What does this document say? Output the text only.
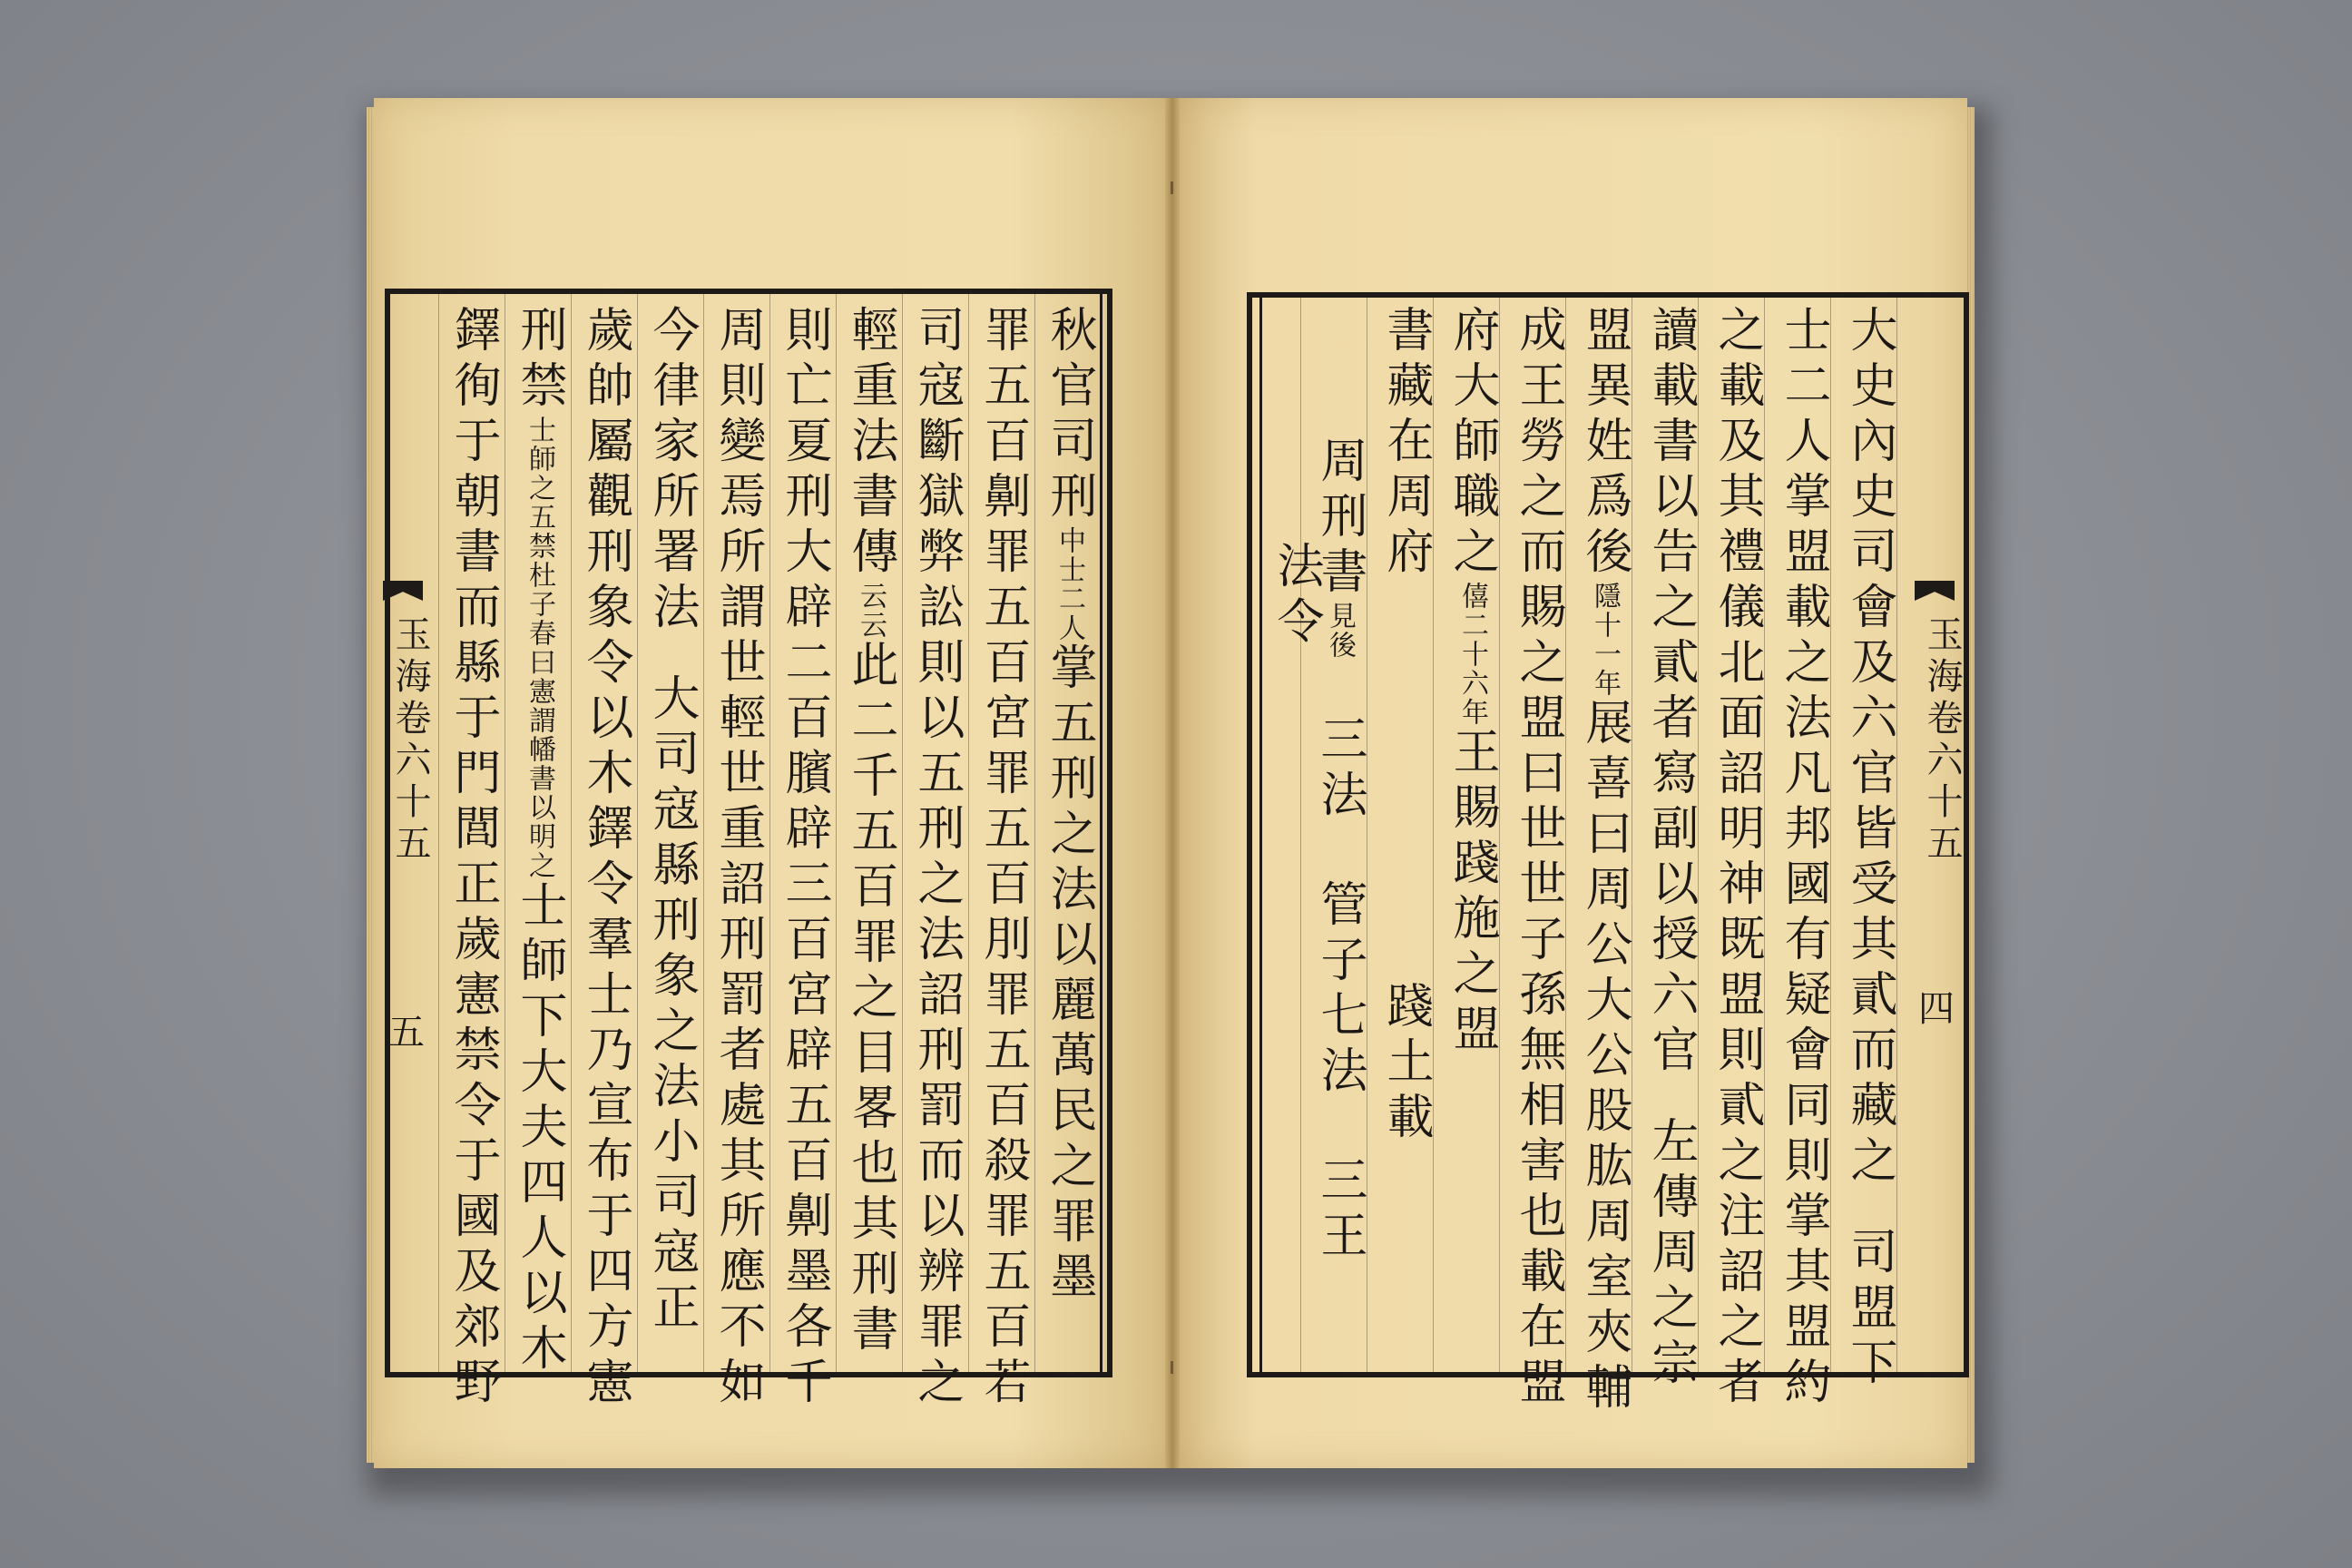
玉海卷六十五
五
秋官司刑中士二人掌五刑之法以麗萬民之罪墨
罪五百劓罪五百宮罪五百刖罪五百殺罪五百若
司寇斷獄弊訟則以五刑之法詔刑罰而以辨罪之
輕重法書傳云云此二千五百罪之目畧也其刑書
則亡夏刑大辟二百臏辟三百宮辟五百劓墨各千
周則變焉所謂世輕世重詔刑罰者處其所應不如
今律家所署法大司寇縣刑象之法小司寇正
歲帥屬觀刑象令以木鐸令羣士乃宣布于四方憲
刑禁士師之五禁杜子春曰憲謂幡書以明之士師下大夫四人以木
鐸徇于朝書而縣于門閭正歲憲禁令于國及郊野	玉海卷六十五
四
大史內史司會及六官皆受其貳而藏之司盟下
士二人掌盟載之法凡邦國有疑會同則掌其盟約
之載及其禮儀北面詔明神既盟則貳之注詔之者
讀載書以告之貳者寫副以授六官左傳周之宗
盟異姓爲後隱十一年展喜曰周公大公股肱周室夾輔
成王勞之而賜之盟曰世世子孫無相害也載在盟
府大師職之僖二十六年王賜踐施之盟
書藏在周府踐土載
周刑書見後三法管子七法三王
法令
